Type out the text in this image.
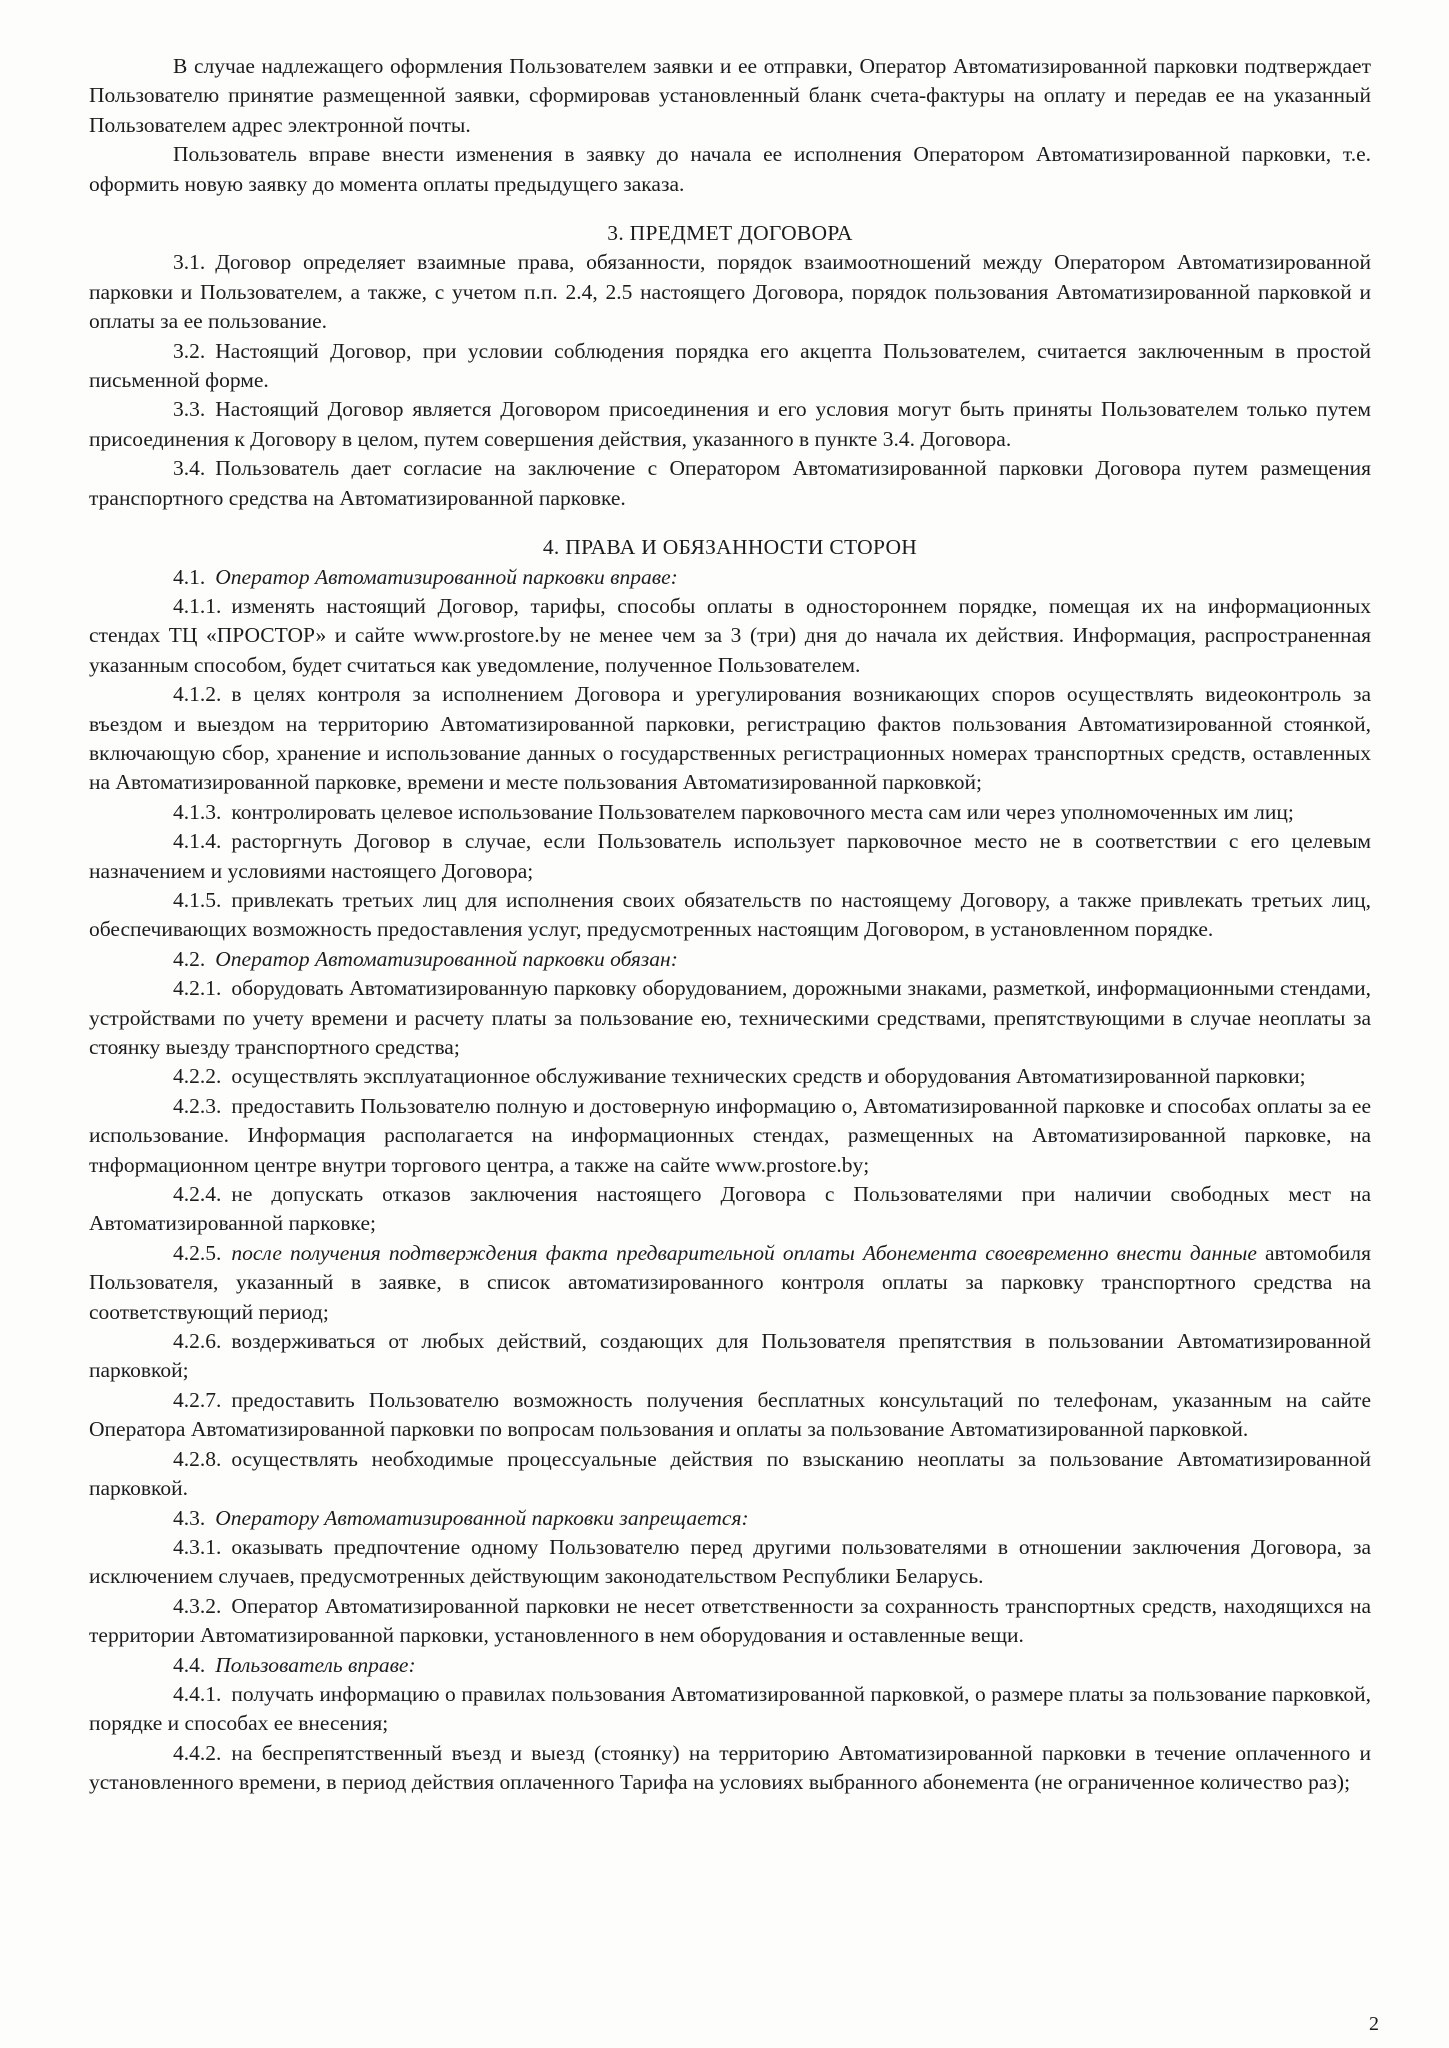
В случае надлежащего оформления Пользователем заявки и ее отправки, Оператор Автоматизированной парковки подтверждает Пользователю принятие размещенной заявки, сформировав установленный бланк счета-фактуры на оплату и передав ее на указанный Пользователем адрес электронной почты.

Пользователь вправе внести изменения в заявку до начала ее исполнения Оператором Автоматизированной парковки, т.е. оформить новую заявку до момента оплаты предыдущего заказа.

3. ПРЕДМЕТ ДОГОВОРА

3.1. Договор определяет взаимные права, обязанности, порядок взаимоотношений между Оператором Автоматизированной парковки и Пользователем, а также, с учетом п.п. 2.4, 2.5 настоящего Договора, порядок пользования Автоматизированной парковкой и оплаты за ее пользование.

3.2. Настоящий Договор, при условии соблюдения порядка его акцепта Пользователем, считается заключенным в простой письменной форме.

3.3. Настоящий Договор является Договором присоединения и его условия могут быть приняты Пользователем только путем присоединения к Договору в целом, путем совершения действия, указанного в пункте 3.4. Договора.

3.4. Пользователь дает согласие на заключение с Оператором Автоматизированной парковки Договора путем размещения транспортного средства на Автоматизированной парковке.

4. ПРАВА И ОБЯЗАННОСТИ СТОРОН

4.1. Оператор Автоматизированной парковки вправе:

4.1.1. изменять настоящий Договор, тарифы, способы оплаты в одностороннем порядке, помещая их на информационных стендах ТЦ «ПРОСТОР» и сайте www.prostore.by не менее чем за 3 (три) дня до начала их действия. Информация, распространенная указанным способом, будет считаться как уведомление, полученное Пользователем.

4.1.2. в целях контроля за исполнением Договора и урегулирования возникающих споров осуществлять видеоконтроль за въездом и выездом на территорию Автоматизированной парковки, регистрацию фактов пользования Автоматизированной стоянкой, включающую сбор, хранение и использование данных о государственных регистрационных номерах транспортных средств, оставленных на Автоматизированной парковке, времени и месте пользования Автоматизированной парковкой;

4.1.3. контролировать целевое использование Пользователем парковочного места сам или через уполномоченных им лиц;

4.1.4. расторгнуть Договор в случае, если Пользователь использует парковочное место не в соответствии с его целевым назначением и условиями настоящего Договора;

4.1.5. привлекать третьих лиц для исполнения своих обязательств по настоящему Договору, а также привлекать третьих лиц, обеспечивающих возможность предоставления услуг, предусмотренных настоящим Договором, в установленном порядке.

4.2. Оператор Автоматизированной парковки обязан:

4.2.1. оборудовать Автоматизированную парковку оборудованием, дорожными знаками, разметкой, информационными стендами, устройствами по учету времени и расчету платы за пользование ею, техническими средствами, препятствующими в случае неоплаты за стоянку выезду транспортного средства;

4.2.2. осуществлять эксплуатационное обслуживание технических средств и оборудования Автоматизированной парковки;

4.2.3. предоставить Пользователю полную и достоверную информацию о, Автоматизированной парковке и способах оплаты за ее использование. Информация располагается на информационных стендах, размещенных на Автоматизированной парковке, на тнформационном центре внутри торгового центра, а также на сайте www.prostore.by;

4.2.4. не допускать отказов заключения настоящего Договора с Пользователями при наличии свободных мест на Автоматизированной парковке;

4.2.5. после получения подтверждения факта предварительной оплаты Абонемента своевременно внести данные автомобиля Пользователя, указанный в заявке, в список автоматизированного контроля оплаты за парковку транспортного средства на соответствующий период;

4.2.6. воздерживаться от любых действий, создающих для Пользователя препятствия в пользовании Автоматизированной парковкой;

4.2.7. предоставить Пользователю возможность получения бесплатных консультаций по телефонам, указанным на сайте Оператора Автоматизированной парковки по вопросам пользования и оплаты за пользование Автоматизированной парковкой.

4.2.8. осуществлять необходимые процессуальные действия по взысканию неоплаты за пользование Автоматизированной парковкой.

4.3. Оператору Автоматизированной парковки запрещается:

4.3.1. оказывать предпочтение одному Пользователю перед другими пользователями в отношении заключения Договора, за исключением случаев, предусмотренных действующим законодательством Республики Беларусь.

4.3.2. Оператор Автоматизированной парковки не несет ответственности за сохранность транспортных средств, находящихся на территории Автоматизированной парковки, установленного в нем оборудования и оставленные вещи.

4.4. Пользователь вправе:

4.4.1. получать информацию о правилах пользования Автоматизированной парковкой, о размере платы за пользование парковкой, порядке и способах ее внесения;

4.4.2. на беспрепятственный въезд и выезд (стоянку) на территорию Автоматизированной парковки в течение оплаченного и установленного времени, в период действия оплаченного Тарифа на условиях выбранного абонемента (не ограниченное количество раз);

2
